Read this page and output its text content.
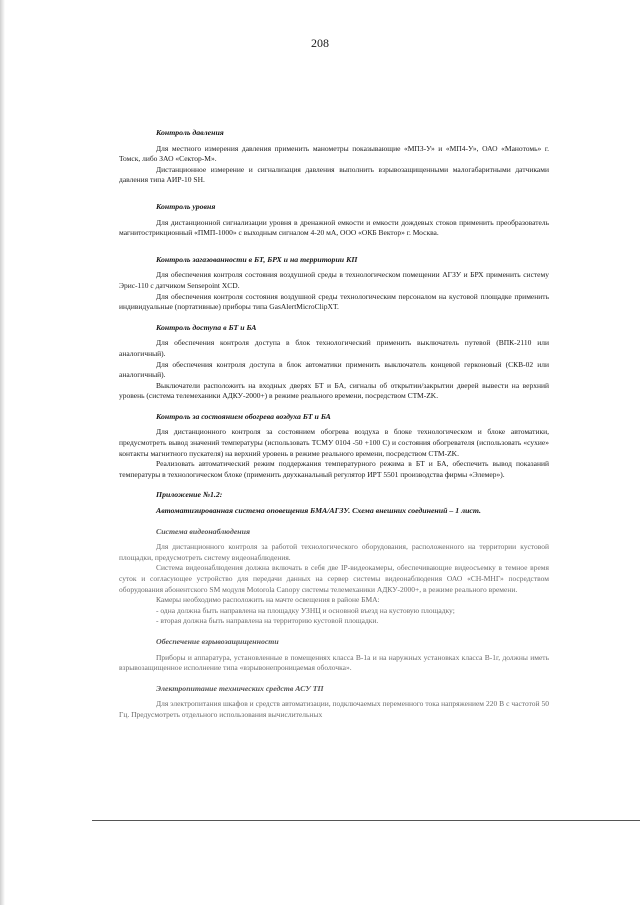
208
Контроль давления

Для местного измерения давления применить манометры показывающие «МПЗ-У» и «МП4-У», ОАО «Манотомь» г. Томск, либо ЗАО «Сектор-М».

Дистанционное измерение и сигнализация давления выполнить взрывозащищенными малогабаритными датчиками давления типа АИР-10 SH.

Контроль уровня

Для дистанционной сигнализации уровня в дренажной емкости и емкости дождевых стоков применить преобразователь магнитострикционный «ПМП-1000» с выходным сигналом 4-20 мА, ООО «ОКБ Вектор» г. Москва.

Контроль загазованности в БТ, БРХ и на территории КП

Для обеспечения контроля состояния воздушной среды в технологическом помещении АГЗУ и БРХ применить систему Эрис-110 с датчиком Sensepoint XCD.

Для обеспечения контроля состояния воздушной среды технологическим персоналом на кустовой площадке применить индивидуальные (портативные) приборы типа GasAlertMicroClipXT.

Контроль доступа в БТ и БА

Для обеспечения контроля доступа в блок технологический применить выключатель путевой (ВПК-2110 или аналогичный).

Для обеспечения контроля доступа в блок автоматики применить выключатель концевой герконовый (СКВ-02 или аналогичный).

Выключатели расположить на входных дверях БТ и БА, сигналы об открытии/закрытии дверей вывести на верхний уровень (система телемеханики АДКУ-2000+) в режиме реального времени, посредством СТМ-ZK.

Контроль за состоянием обогрева воздуха БТ и БА

Для дистанционного контроля за состоянием обогрева воздуха в блоке технологическом и блоке автоматики, предусмотреть вывод значений температуры (использовать ТСМУ 0104 -50 +100 С) и состояния обогревателя (использовать «сухие» контакты магнитного пускателя) на верхний уровень в режиме реального времени, посредством СТМ-ZK.

Реализовать автоматический режим поддержания температурного режима в БТ и БА, обеспечить вывод показаний температуры в технологическом блоке (применить двухканальный регулятор ИРТ 5501 производства фирмы «Элемер»).

Приложение №1.2:
Автоматизированная система оповещения БМА/АГЗУ. Схема внешних соединений – 1 лист.
Система видеонаблюдения

Для дистанционного контроля за работой технологического оборудования, расположенного на территории кустовой площадки, предусмотреть систему видеонаблюдения.

Система видеонаблюдения должна включать в себя две IP-видеокамеры, обеспечивающие видеосъемку в темное время суток и согласующее устройство для передачи данных на сервер системы видеонаблюдения ОАО «СН-МНГ» посредством оборудования абонентского SM модуля Motorola Canopy системы телемеханики АДКУ-2000+, в режиме реального времени.

Камеры необходимо расположить на мачте освещения в районе БМА:

- одна должна быть направлена на площадку УЗНЦ и основной въезд на кустовую площадку;

- вторая должна быть направлена на территорию кустовой площадки.

Обеспечение взрывозащищенности

Приборы и аппаратура, установленные в помещениях класса В-1а и на наружных установках класса В-1г, должны иметь взрывозащищенное исполнение типа «взрывонепроницаемая оболочка».

Электропитание технических средств АСУ ТП

Для электропитания шкафов и средств автоматизации, подключаемых переменного тока напряжением 220 В с частотой 50 Гц. Предусмотреть отдельного использования вычислительных
